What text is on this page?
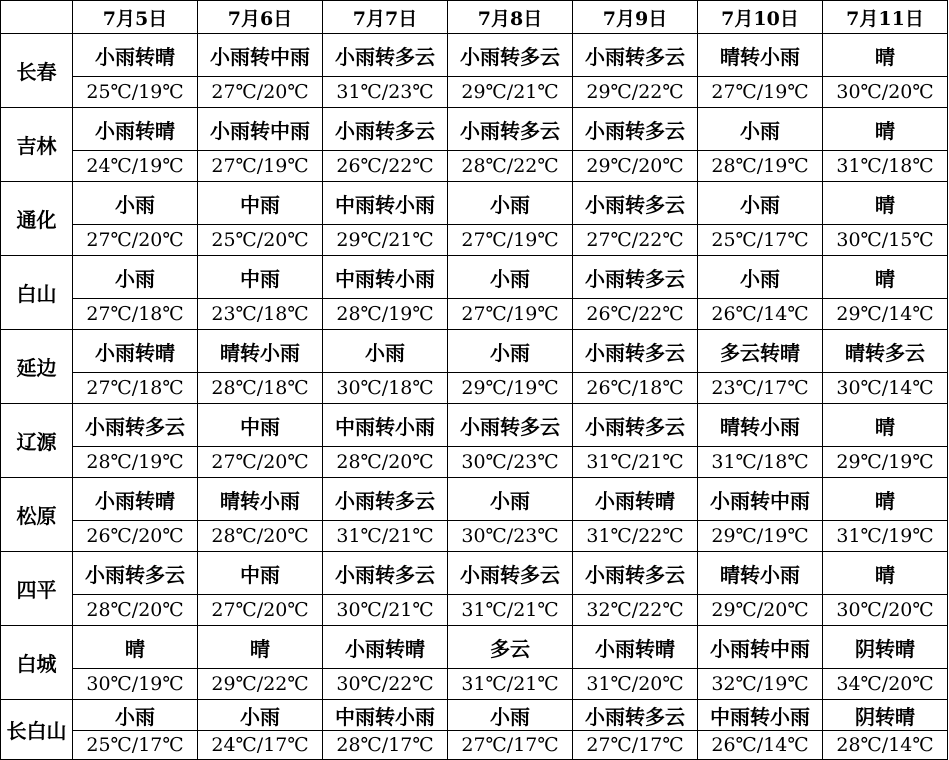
	7月5日	7月6日	7月7日	7月8日	7月9日	7月10日	7月11日
长春	小雨转晴	小雨转中雨	小雨转多云	小雨转多云	小雨转多云	晴转小雨	晴
	25℃/19℃	27℃/20℃	31℃/23℃	29℃/21℃	29℃/22℃	27℃/19℃	30℃/20℃
吉林	小雨转晴	小雨转中雨	小雨转多云	小雨转多云	小雨转多云	小雨	晴
	24℃/19℃	27℃/19℃	26℃/22℃	28℃/22℃	29℃/20℃	28℃/19℃	31℃/18℃
通化	小雨	中雨	中雨转小雨	小雨	小雨转多云	小雨	晴
	27℃/20℃	25℃/20℃	29℃/21℃	27℃/19℃	27℃/22℃	25℃/17℃	30℃/15℃
白山	小雨	中雨	中雨转小雨	小雨	小雨转多云	小雨	晴
	27℃/18℃	23℃/18℃	28℃/19℃	27℃/19℃	26℃/22℃	26℃/14℃	29℃/14℃
延边	小雨转晴	晴转小雨	小雨	小雨	小雨转多云	多云转晴	晴转多云
	27℃/18℃	28℃/18℃	30℃/18℃	29℃/19℃	26℃/18℃	23℃/17℃	30℃/14℃
辽源	小雨转多云	中雨	中雨转小雨	小雨转多云	小雨转多云	晴转小雨	晴
	28℃/19℃	27℃/20℃	28℃/20℃	30℃/23℃	31℃/21℃	31℃/18℃	29℃/19℃
松原	小雨转晴	晴转小雨	小雨转多云	小雨	小雨转晴	小雨转中雨	晴
	26℃/20℃	28℃/20℃	31℃/21℃	30℃/23℃	31℃/22℃	29℃/19℃	31℃/19℃
四平	小雨转多云	中雨	小雨转多云	小雨转多云	小雨转多云	晴转小雨	晴
	28℃/20℃	27℃/20℃	30℃/21℃	31℃/21℃	32℃/22℃	29℃/20℃	30℃/20℃
白城	晴	晴	小雨转晴	多云	小雨转晴	小雨转中雨	阴转晴
	30℃/19℃	29℃/22℃	30℃/22℃	31℃/21℃	31℃/20℃	32℃/19℃	34℃/20℃
长白山	小雨	小雨	中雨转小雨	小雨	小雨转多云	中雨转小雨	阴转晴
	25℃/17℃	24℃/17℃	28℃/17℃	27℃/17℃	27℃/17℃	26℃/14℃	28℃/14℃
